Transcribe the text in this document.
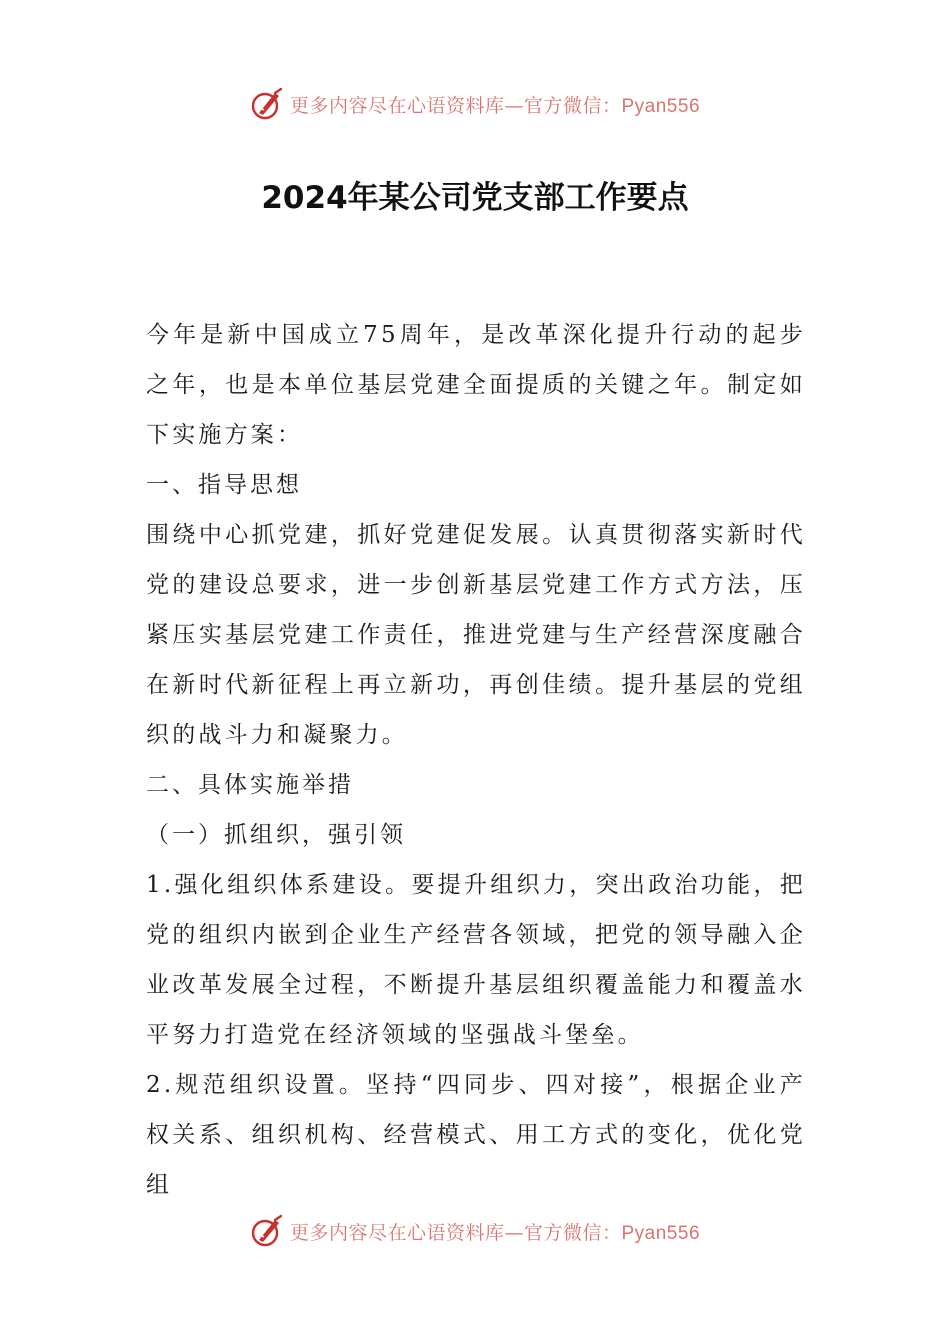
更多内容尽在心语资料库—官方微信：Pyan556
2024年某公司党支部工作要点

今年是新中国成立75周年，是改革深化提升行动的起步之年，也是本单位基层党建全面提质的关键之年。制定如下实施方案：

一、指导思想

围绕中心抓党建，抓好党建促发展。认真贯彻落实新时代党的建设总要求，进一步创新基层党建工作方式方法，压紧压实基层党建工作责任，推进党建与生产经营深度融合在新时代新征程上再立新功，再创佳绩。提升基层的党组织的战斗力和凝聚力。

二、具体实施举措

（一）抓组织，强引领

1.强化组织体系建设。要提升组织力，突出政治功能，把党的组织内嵌到企业生产经营各领域，把党的领导融入企业改革发展全过程，不断提升基层组织覆盖能力和覆盖水平努力打造党在经济领域的坚强战斗堡垒。

2.规范组织设置。坚持“四同步、四对接”，根据企业产权关系、组织机构、经营模式、用工方式的变化，优化党组

更多内容尽在心语资料库—官方微信：Pyan556
